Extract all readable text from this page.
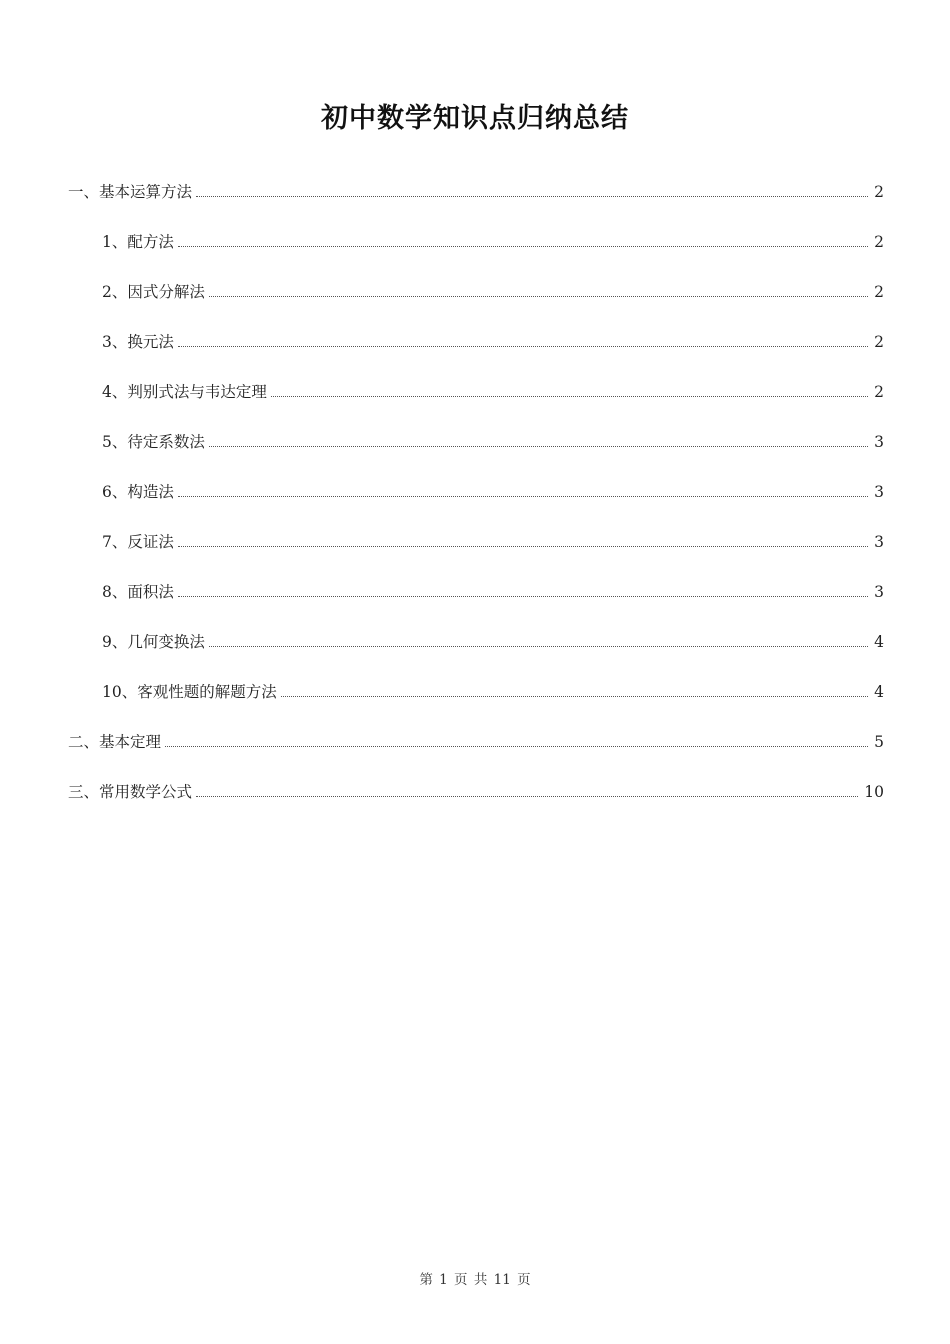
初中数学知识点归纳总结
一、基本运算方法	2
1、配方法	2
2、因式分解法	2
3、换元法	2
4、判别式法与韦达定理	2
5、待定系数法	3
6、构造法	3
7、反证法	3
8、面积法	3
9、几何变换法	4
10、客观性题的解题方法	4
二、基本定理	5
三、常用数学公式	10
第 1 页 共 11 页
